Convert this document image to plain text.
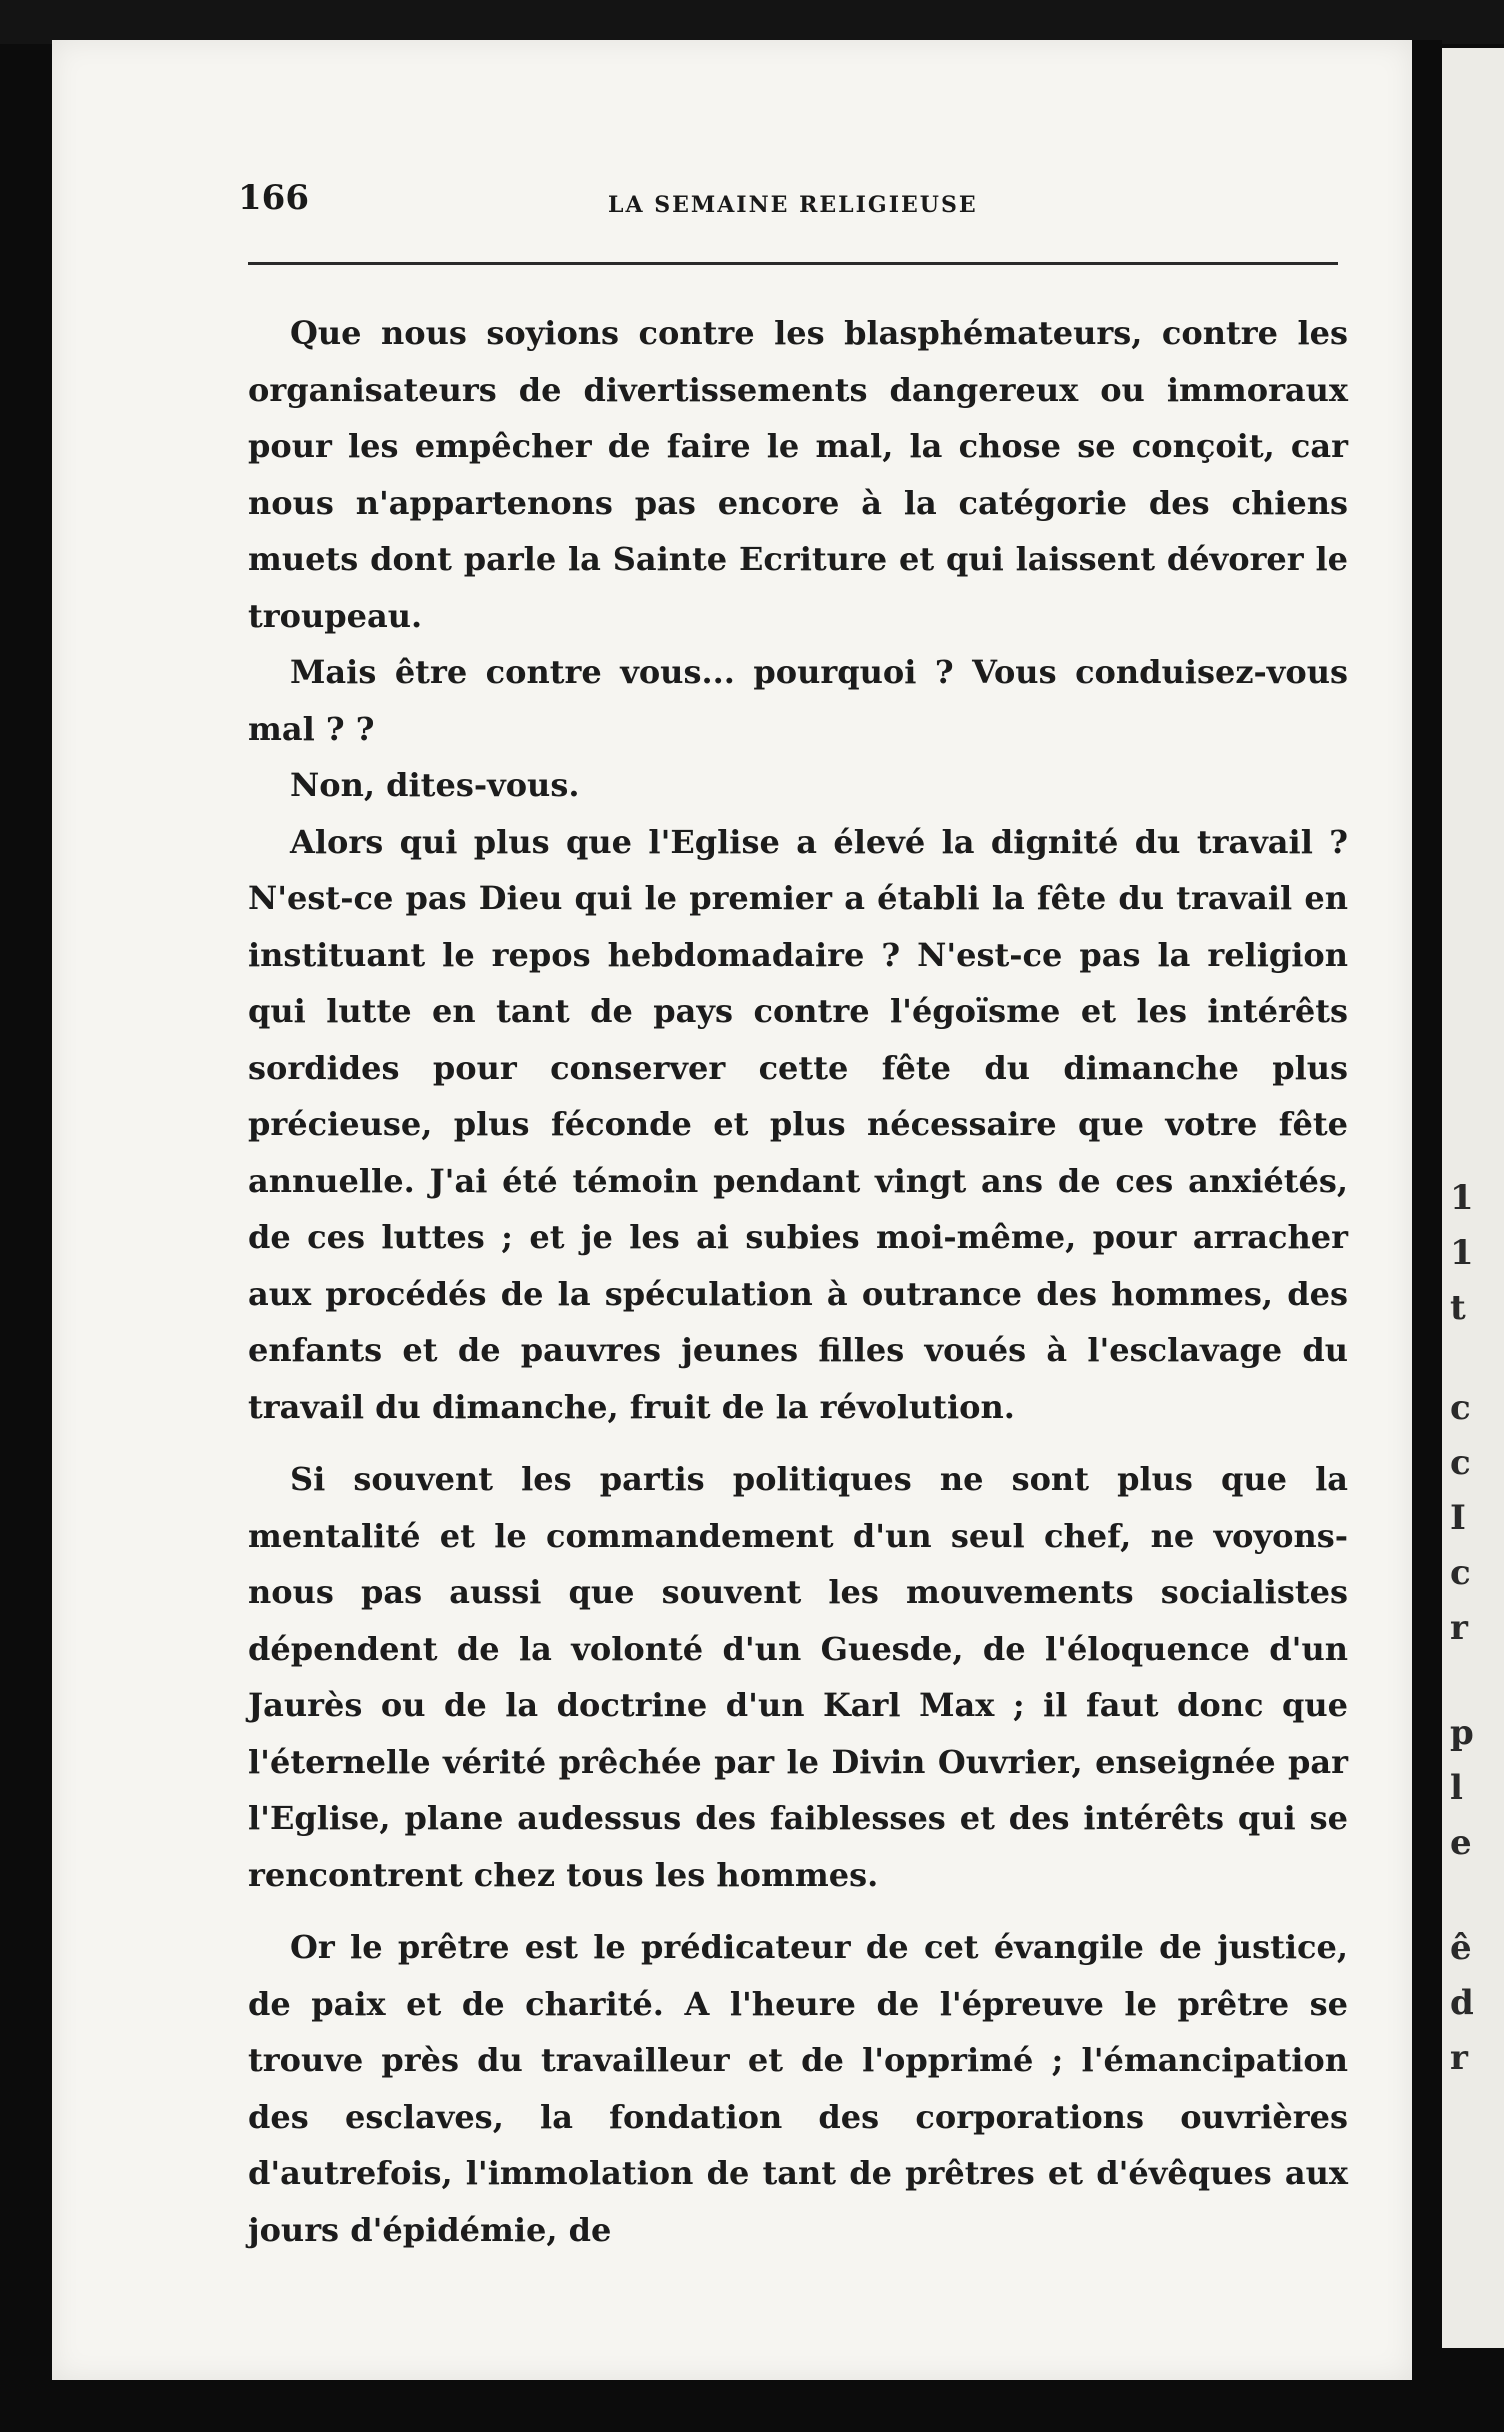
1
1
t
c
c
I
c
r
p
l
e
ê
d
r
166	LA SEMAINE RELIGIEUSE

Que nous soyions contre les blasphémateurs, contre les organisateurs de divertissements dangereux ou immoraux pour les empêcher de faire le mal, la chose se conçoit, car nous n'appartenons pas encore à la catégorie des chiens muets dont parle la Sainte Ecriture et qui laissent dévorer le troupeau.

Mais être contre vous... pourquoi ? Vous conduisez-vous mal ? ?

Non, dites-vous.

Alors qui plus que l'Eglise a élevé la dignité du travail ? N'est-ce pas Dieu qui le premier a établi la fête du travail en instituant le repos hebdomadaire ? N'est-ce pas la religion qui lutte en tant de pays contre l'égoïsme et les intérêts sordides pour conserver cette fête du dimanche plus précieuse, plus féconde et plus nécessaire que votre fête annuelle. J'ai été témoin pendant vingt ans de ces anxiétés, de ces luttes ; et je les ai subies moi-même, pour arracher aux procédés de la spéculation à outrance des hommes, des enfants et de pauvres jeunes filles voués à l'esclavage du travail du dimanche, fruit de la révolution.

Si souvent les partis politiques ne sont plus que la mentalité et le commandement d'un seul chef, ne voyons-nous pas aussi que souvent les mouvements socialistes dépendent de la volonté d'un Guesde, de l'éloquence d'un Jaurès ou de la doctrine d'un Karl Max ; il faut donc que l'éternelle vérité prêchée par le Divin Ouvrier, enseignée par l'Eglise, plane audessus des faiblesses et des intérêts qui se rencontrent chez tous les hommes.

Or le prêtre est le prédicateur de cet évangile de justice, de paix et de charité. A l'heure de l'épreuve le prêtre se trouve près du travailleur et de l'opprimé ; l'émancipation des esclaves, la fondation des corporations ouvrières d'autrefois, l'immolation de tant de prêtres et d'évêques aux jours d'épidémie, de
